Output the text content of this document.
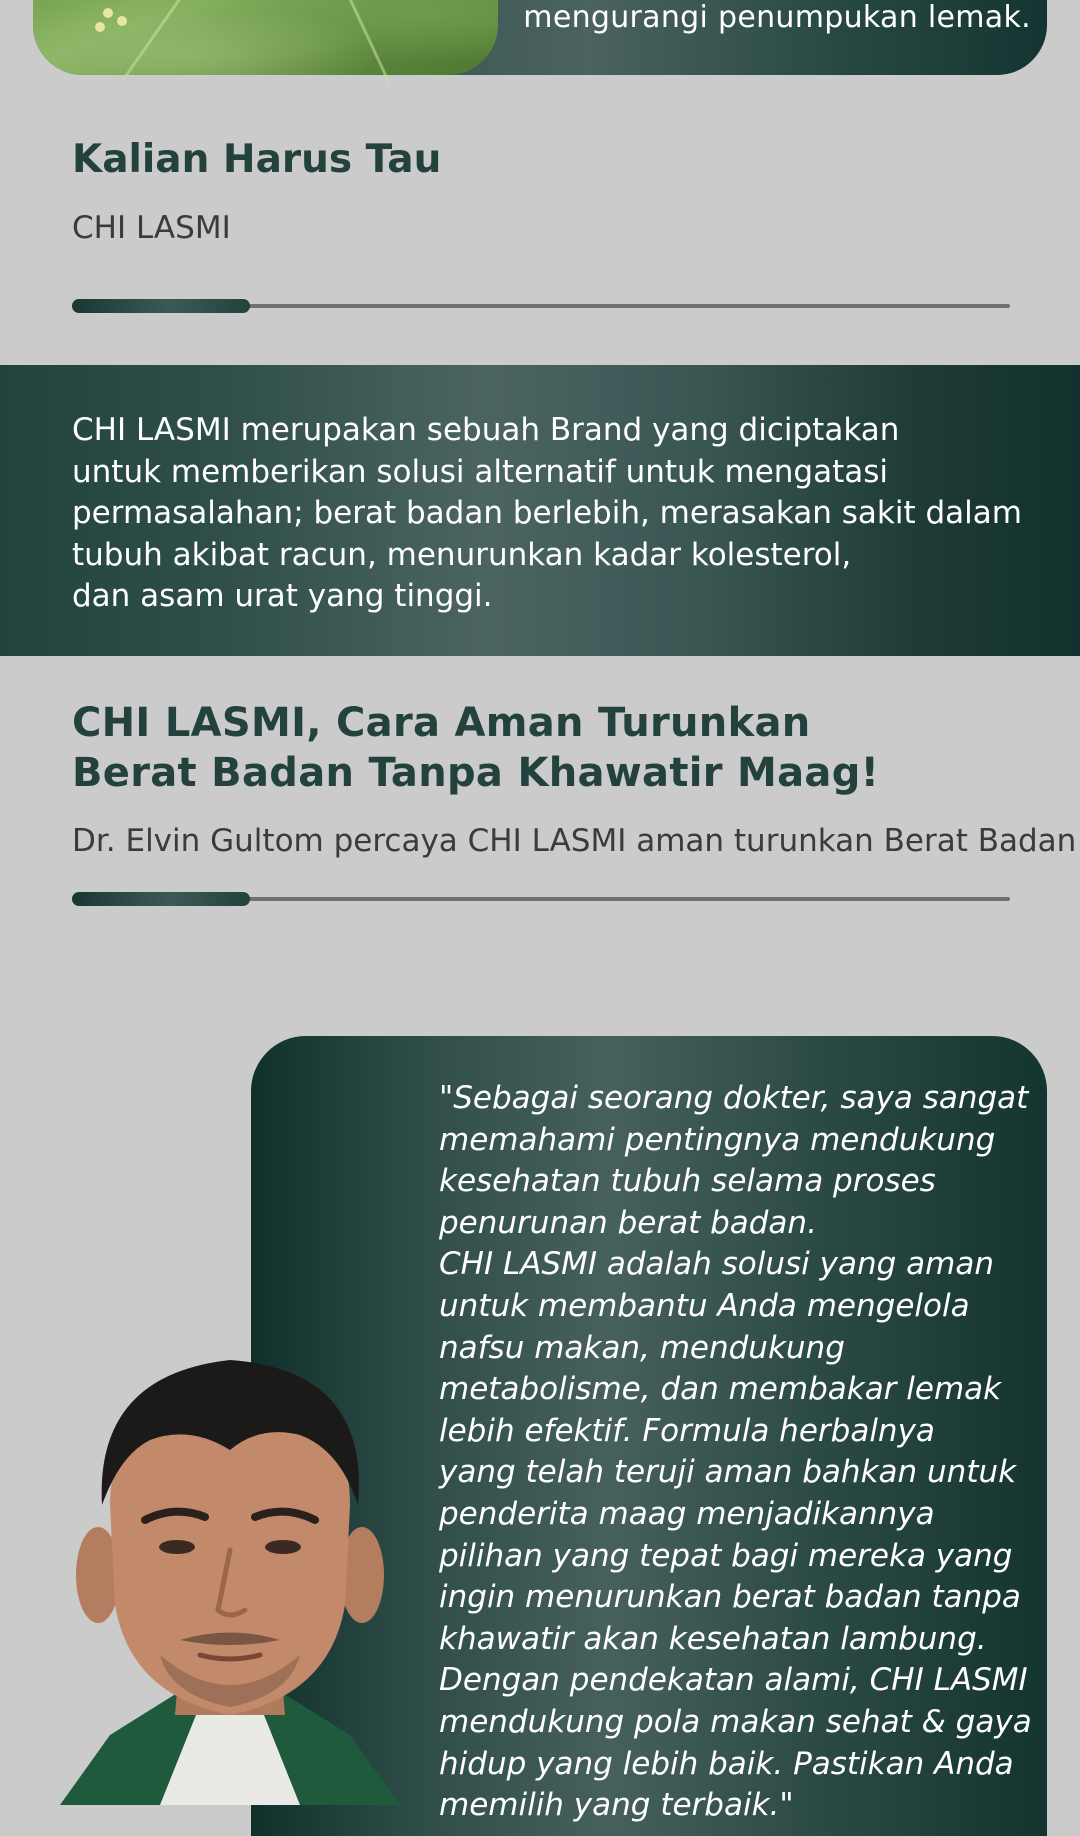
mengurangi penumpukan lemak.

Kalian Harus Tau

CHI LASMI

CHI LASMI merupakan sebuah Brand yang diciptakan
untuk memberikan solusi alternatif untuk mengatasi
permasalahan; berat badan berlebih, merasakan sakit dalam
tubuh akibat racun, menurunkan kadar kolesterol,
dan asam urat yang tinggi.

CHI LASMI, Cara Aman Turunkan
Berat Badan Tanpa Khawatir Maag!

Dr. Elvin Gultom percaya CHI LASMI aman turunkan Berat Badan

"Sebagai seorang dokter, saya sangat
memahami pentingnya mendukung
kesehatan tubuh selama proses
penurunan berat badan.
CHI LASMI adalah solusi yang aman
untuk membantu Anda mengelola
nafsu makan, mendukung
metabolisme, dan membakar lemak
lebih efektif. Formula herbalnya
yang telah teruji aman bahkan untuk
penderita maag menjadikannya
pilihan yang tepat bagi mereka yang
ingin menurunkan berat badan tanpa
khawatir akan kesehatan lambung.
Dengan pendekatan alami, CHI LASMI
mendukung pola makan sehat & gaya
hidup yang lebih baik. Pastikan Anda
memilih yang terbaik."
